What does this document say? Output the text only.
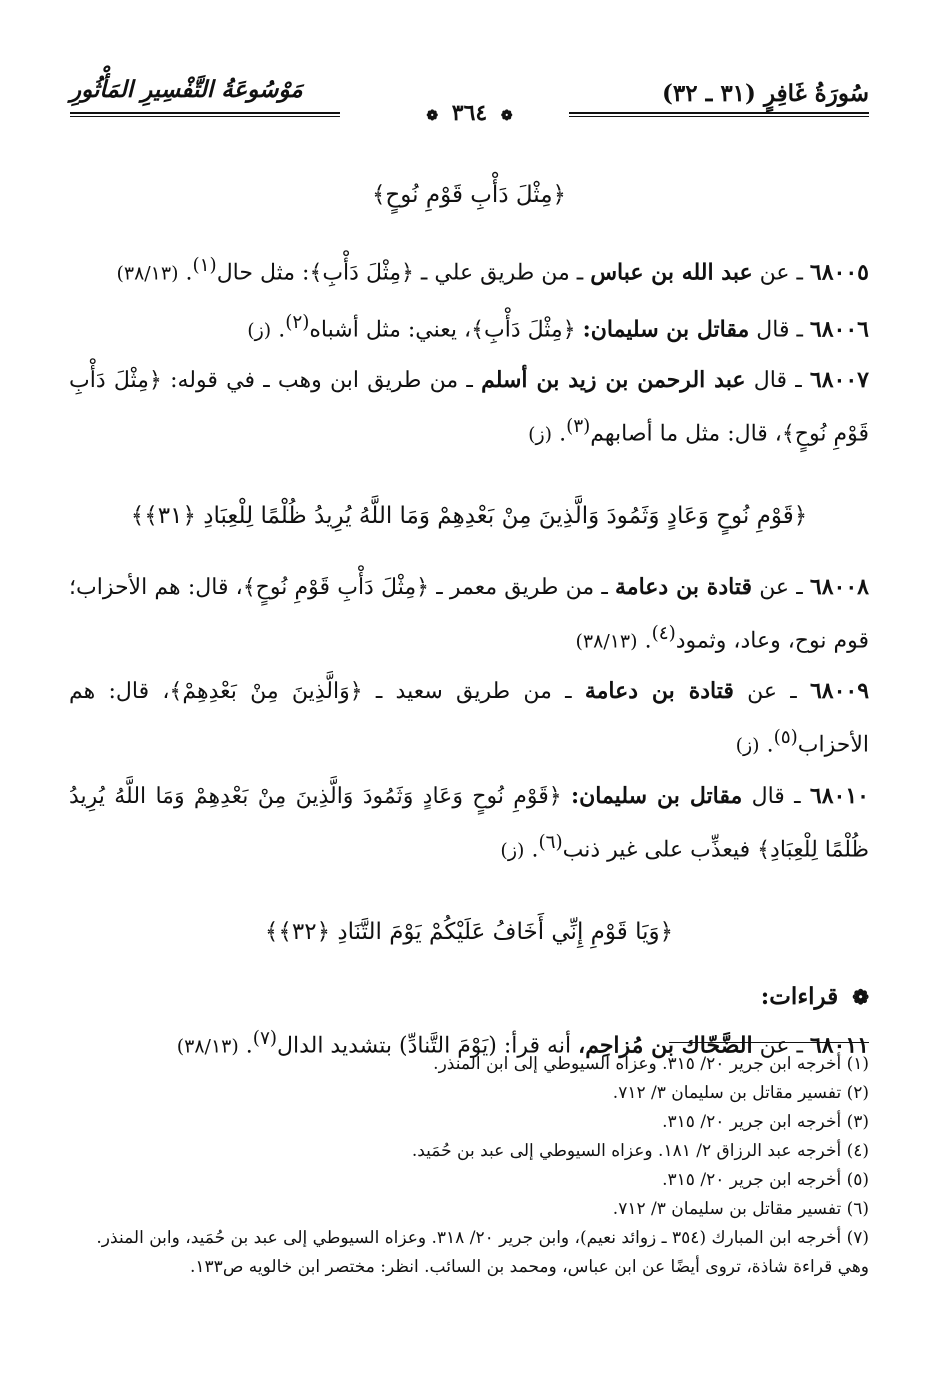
سُورَةُ غَافِرٍ (٣١ ـ ٣٢)
مَوْسُوعَةُ التَّفْسِيرِ المَأْثُورِ
❁ ٣٦٤ ❁
﴿مِثْلَ دَأْبِ قَوْمِ نُوحٍ﴾

٦٨٠٠٥ ـ عن عبد الله بن عباس ـ من طريق علي ـ ﴿مِثْلَ دَأْبِ﴾: مثل حال$^{(١)}$. (٣٨/١٣)

٦٨٠٠٦ ـ قال مقاتل بن سليمان: ﴿مِثْلَ دَأْبِ﴾، يعني: مثل أشباه$^{(٢)}$. (ز)

٦٨٠٠٧ ـ قال عبد الرحمن بن زيد بن أسلم ـ من طريق ابن وهب ـ في قوله: ﴿مِثْلَ دَأْبِ قَوْمِ نُوحٍ﴾، قال: مثل ما أصابهم$^{(٣)}$. (ز)

﴿قَوْمِ نُوحٍ وَعَادٍ وَثَمُودَ وَالَّذِينَ مِنْ بَعْدِهِمْ وَمَا اللَّهُ يُرِيدُ ظُلْمًا لِلْعِبَادِ ﴿٣١﴾﴾

٦٨٠٠٨ ـ عن قتادة بن دعامة ـ من طريق معمر ـ ﴿مِثْلَ دَأْبِ قَوْمِ نُوحٍ﴾، قال: هم الأحزاب؛ قوم نوح، وعاد، وثمود$^{(٤)}$. (٣٨/١٣)

٦٨٠٠٩ ـ عن قتادة بن دعامة ـ من طريق سعيد ـ ﴿وَالَّذِينَ مِنْ بَعْدِهِمْ﴾، قال: هم الأحزاب$^{(٥)}$. (ز)

٦٨٠١٠ ـ قال مقاتل بن سليمان: ﴿قَوْمِ نُوحٍ وَعَادٍ وَثَمُودَ وَالَّذِينَ مِنْ بَعْدِهِمْ وَمَا اللَّهُ يُرِيدُ ظُلْمًا لِلْعِبَادِ﴾ فيعذِّب على غير ذنب$^{(٦)}$. (ز)

﴿وَيَا قَوْمِ إِنِّي أَخَافُ عَلَيْكُمْ يَوْمَ التَّنَادِ ﴿٣٢﴾﴾
❁ قراءات:

٦٨٠١١ ـ عن الضَّحّاك بن مُزاحِم، أنه قرأ: (يَوْمَ التَّنادِّ) بتشديد الدال$^{(٧)}$. (٣٨/١٣)

(١) أخرجه ابن جرير ٢٠/ ٣١٥. وعزاه السيوطي إلى ابن المنذر.

(٢) تفسير مقاتل بن سليمان ٣/ ٧١٢.

(٣) أخرجه ابن جرير ٢٠/ ٣١٥.

(٤) أخرجه عبد الرزاق ٢/ ١٨١. وعزاه السيوطي إلى عبد بن حُمَيد.

(٥) أخرجه ابن جرير ٢٠/ ٣١٥.

(٦) تفسير مقاتل بن سليمان ٣/ ٧١٢.

(٧) أخرجه ابن المبارك (٣٥٤ ـ زوائد نعيم)، وابن جرير ٢٠/ ٣١٨. وعزاه السيوطي إلى عبد بن حُمَيد، وابن المنذر.

وهي قراءة شاذة، تروى أيضًا عن ابن عباس، ومحمد بن السائب. انظر: مختصر ابن خالويه ص١٣٣.
